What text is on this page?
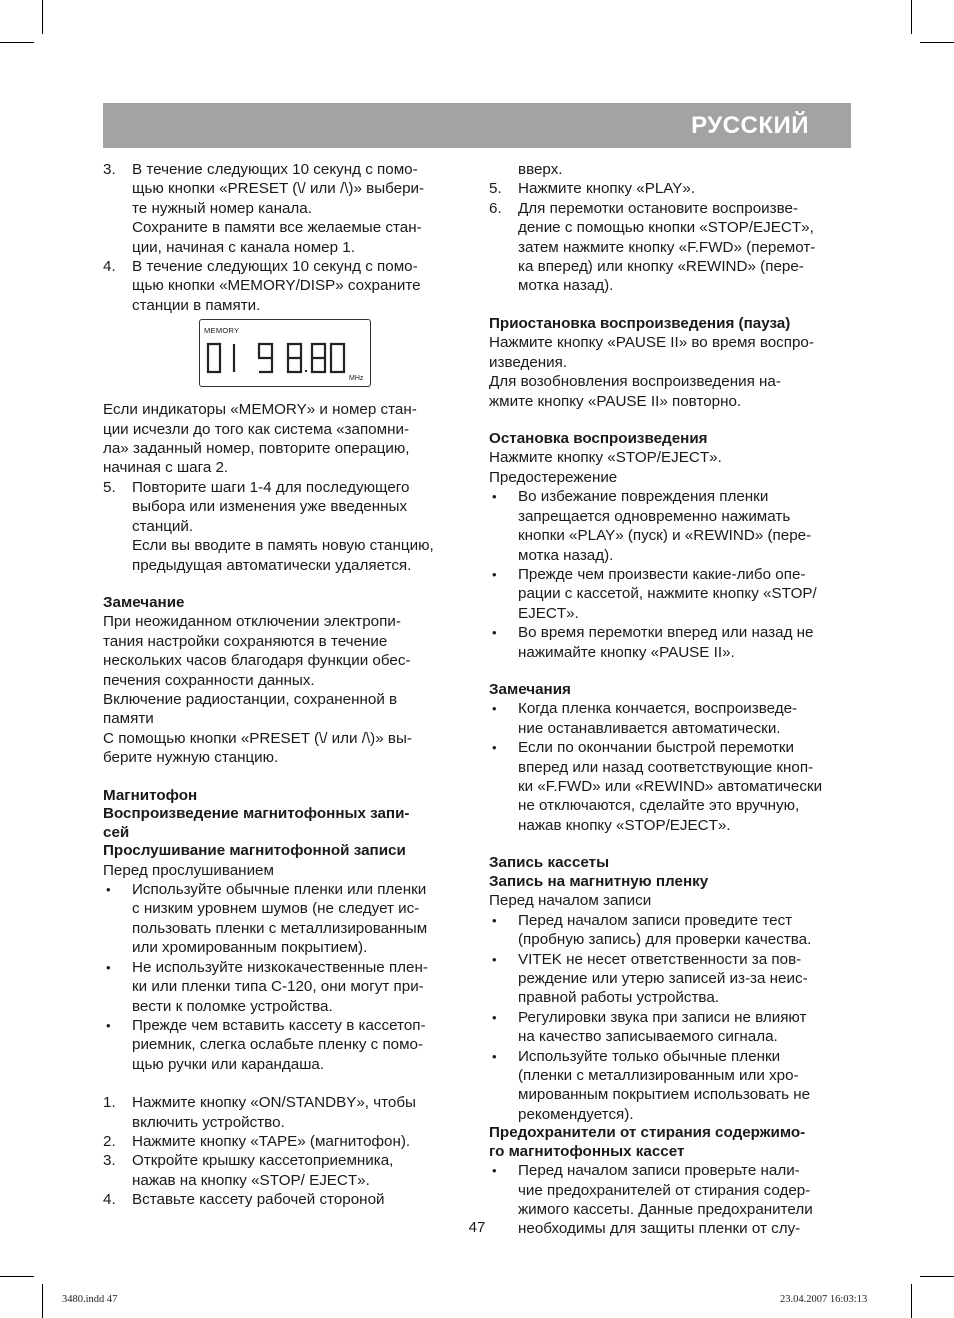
РУССКИЙ
3. В течение следующих 10 секунд с помо-
щью кнопки «PRESET (\/ или /\)» выбери-
те нужный номер канала.
Сохраните в памяти все желаемые стан-
ции, начиная с канала номер 1.
4. В течение следующих 10 секунд с помо-
щью кнопки «MEMORY/DISP» сохраните
станции в памяти.
MEMORY
MHz
Если индикаторы «MEMORY» и номер стан-
ции исчезли до того как система «запомни-
ла» заданный номер, повторите операцию,
начиная с шага 2.
5. Повторите шаги 1-4 для последующего
выбора или изменения уже введенных
станций.
Если вы вводите в память новую станцию,
предыдущая автоматически удаляется.
Замечание
При неожиданном отключении электропи-
тания настройки сохраняются в течение
нескольких часов благодаря функции обес-
печения сохранности данных.
Включение радиостанции, сохраненной в
памяти
С помощью кнопки «PRESET (\/ или /\)» вы-
берите нужную станцию.
Магнитофон
Воспроизведение магнитофонных запи-
сей
Прослушивание магнитофонной записи
Перед прослушиванием
• Используйте обычные пленки или пленки
с низким уровнем шумов (не следует ис-
пользовать пленки с металлизированным
или хромированным покрытием).
• Не используйте низкокачественные плен-
ки или пленки типа С-120, они могут при-
вести к поломке устройства.
• Прежде чем вставить кассету в кассетоп-
риемник, слегка ослабьте пленку с помо-
щью ручки или карандаша.
1. Нажмите кнопку «ON/STANDBY», чтобы
включить устройство.
2. Нажмите кнопку «TAPE» (магнитофон).
3. Откройте крышку кассетоприемника,
нажав на кнопку «STOP/ EJECT».
4. Вставьте кассету рабочей стороной
вверх.
5. Нажмите кнопку «PLAY».
6. Для перемотки остановите воспроизве-
дение с помощью кнопки «STOP/EJECT»,
затем нажмите кнопку «F.FWD» (перемот-
ка вперед) или кнопку «REWIND» (пере-
мотка назад).
Приостановка воспроизведения (пауза)
Нажмите кнопку «PAUSE II» во время воспро-
изведения.
Для возобновления воспроизведения на-
жмите кнопку «PAUSE II» повторно.
Остановка воспроизведения
Нажмите кнопку «STOP/EJECT».
Предостережение
• Во избежание повреждения пленки
запрещается одновременно нажимать
кнопки «PLAY» (пуск) и «REWIND» (пере-
мотка назад).
• Прежде чем произвести какие-либо опе-
рации с кассетой, нажмите кнопку «STOP/
EJECT».
• Во время перемотки вперед или назад не
нажимайте кнопку «PAUSE II».
Замечания
• Когда пленка кончается, воспроизведе-
ние останавливается автоматически.
• Если по окончании быстрой перемотки
вперед или назад соответствующие кноп-
ки «F.FWD» или «REWIND» автоматически
не отключаются, сделайте это вручную,
нажав кнопку «STOP/EJECT».
Запись кассеты
Запись на магнитную пленку
Перед началом записи
• Перед началом записи проведите тест
(пробную запись) для проверки качества.
• VITEK не несет ответственности за пов-
реждение или утерю записей из-за неис-
правной работы устройства.
• Регулировки звука при записи не влияют
на качество записываемого сигнала.
• Используйте только обычные пленки
(пленки с металлизированным или хро-
мированным покрытием использовать не
рекомендуется).
Предохранители от стирания содержимо-
го магнитофонных кассет
• Перед началом записи проверьте нали-
чие предохранителей от стирания содер-
жимого кассеты. Данные предохранители
необходимы для защиты пленки от слу-
47
3480.indd 47	23.04.2007 16:03:13
